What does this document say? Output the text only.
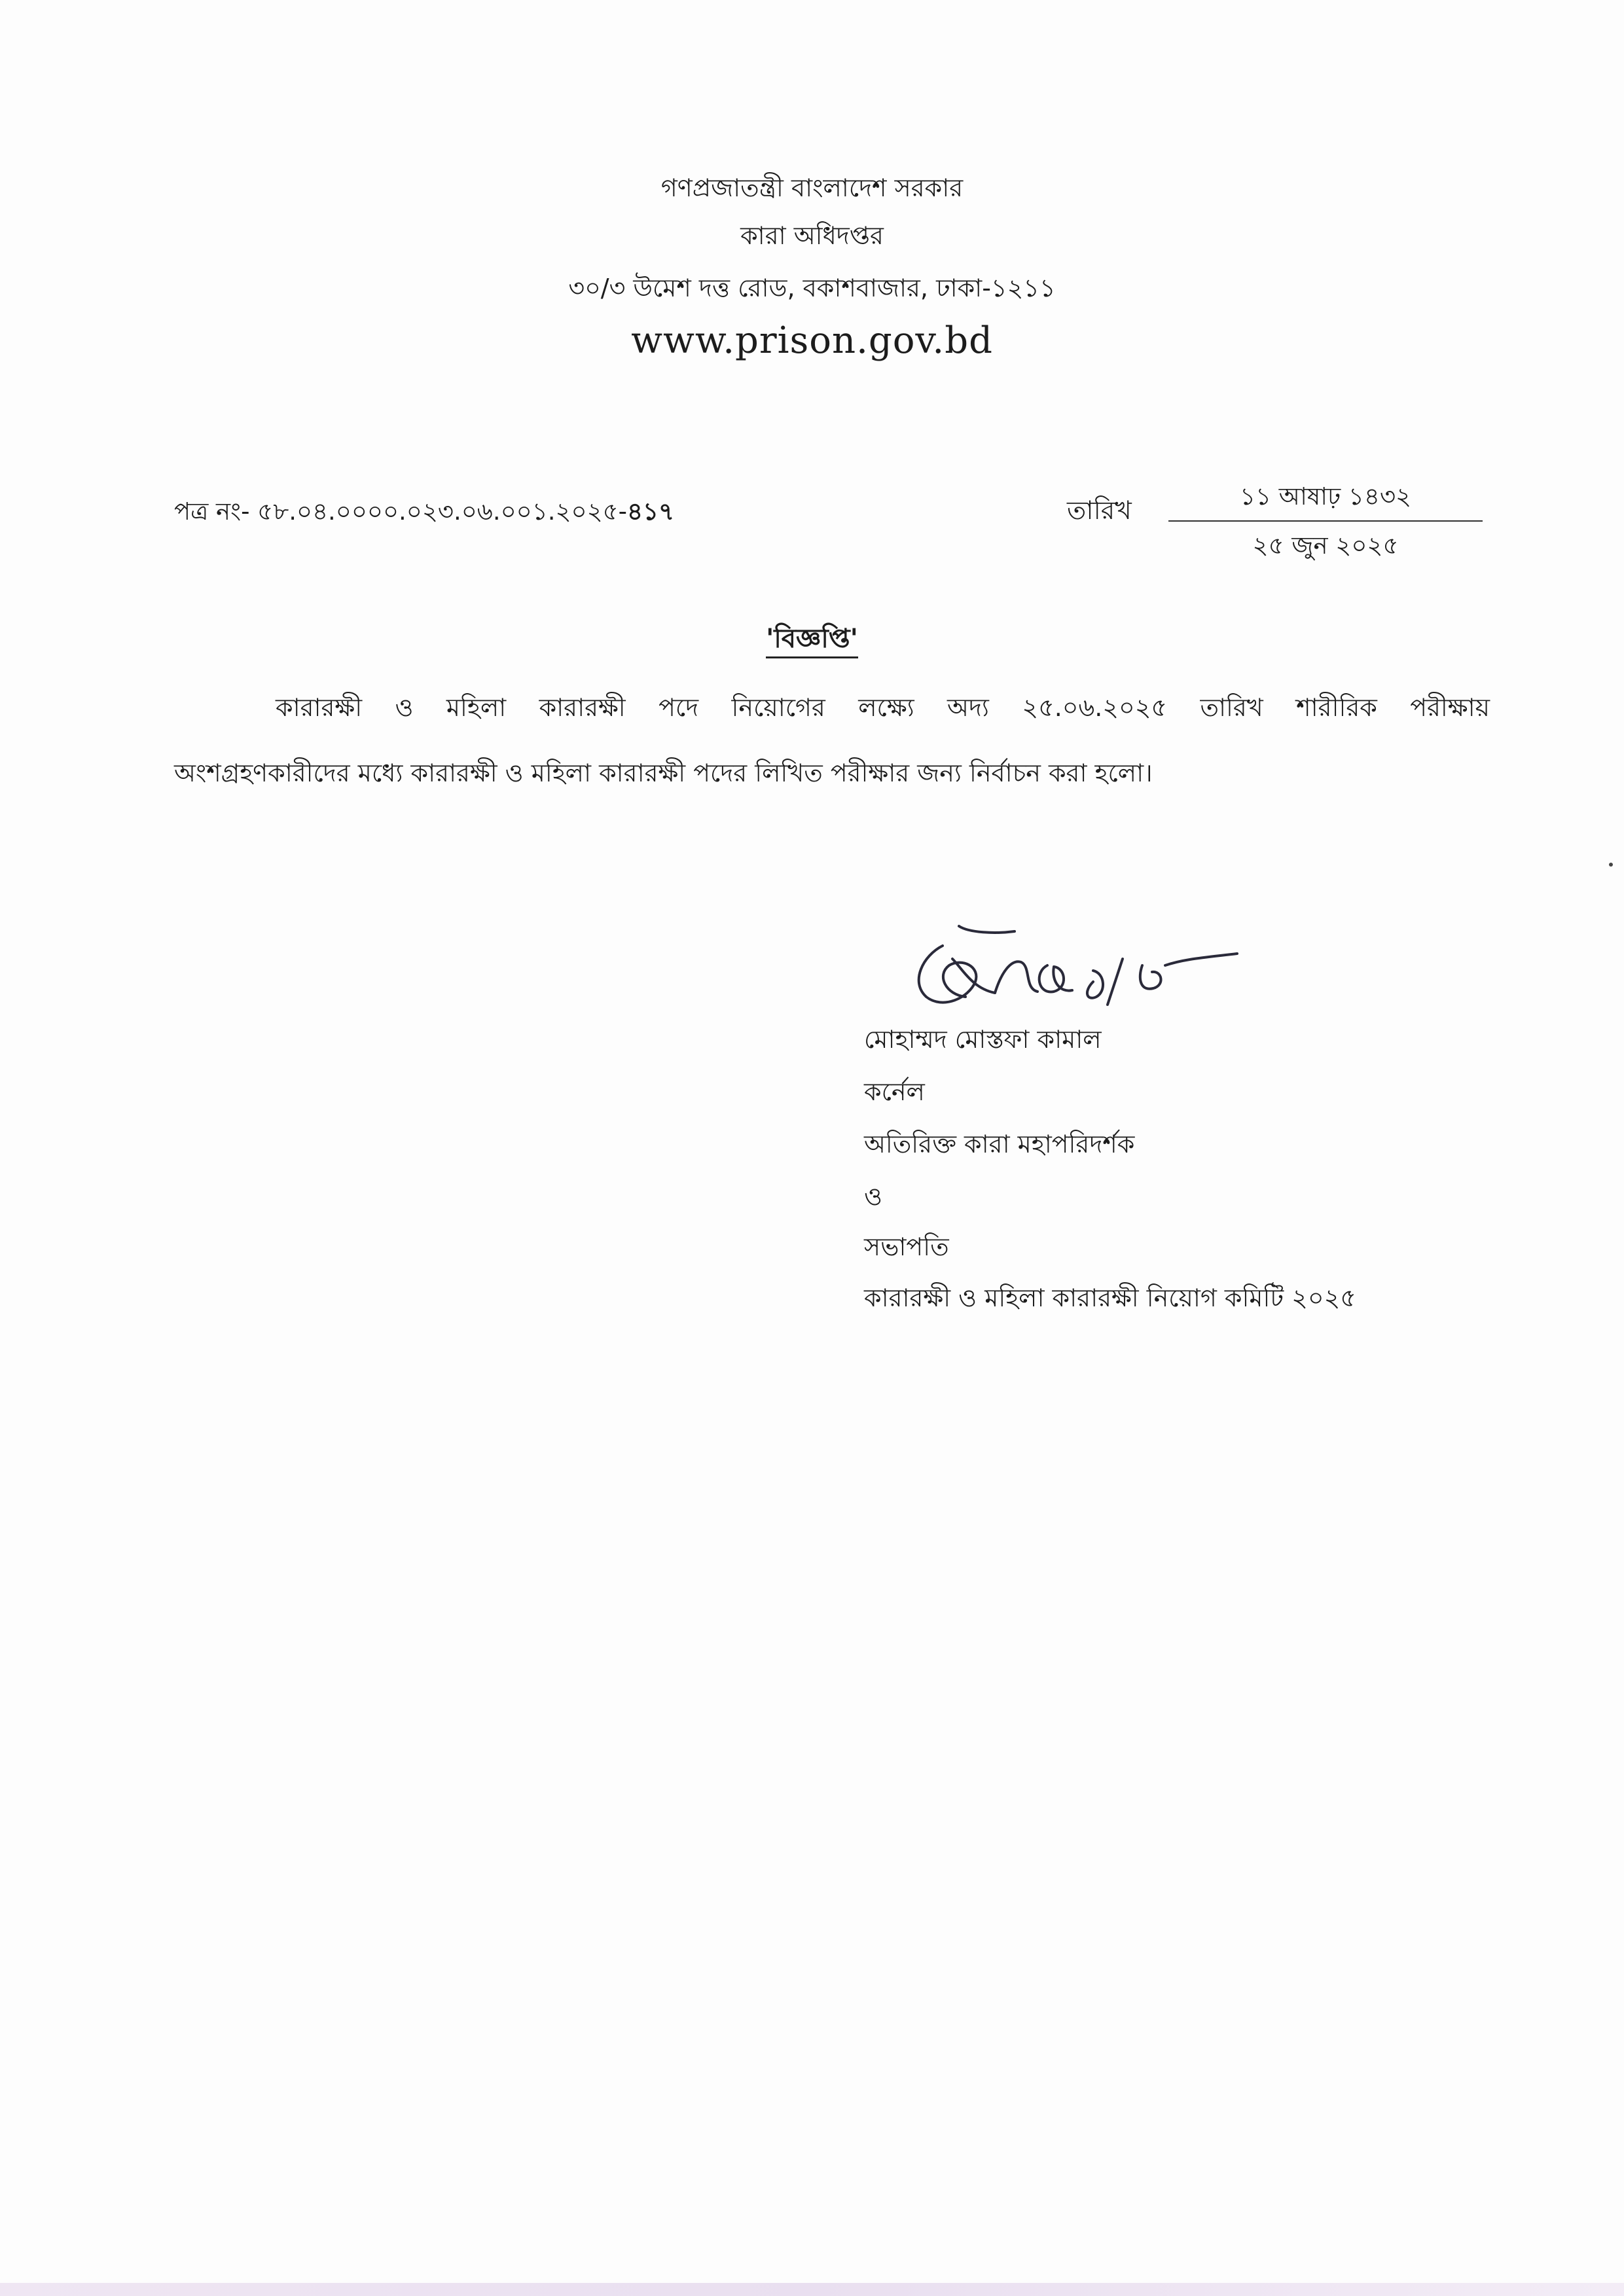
গণপ্রজাতন্ত্রী বাংলাদেশ সরকার
কারা অধিদপ্তর
৩০/৩ উমেশ দত্ত রোড, বকাশবাজার, ঢাকা-১২১১
www.prison.gov.bd
পত্র নং- ৫৮.০৪.০০০০.০২৩.০৬.০০১.২০২৫-৪১৭	তারিখ	১১ আষাঢ় ১৪৩২
২৫ জুন ২০২৫
'বিজ্ঞপ্তি'
কারারক্ষী ও মহিলা কারারক্ষী পদে নিয়োগের লক্ষ্যে অদ্য ২৫.০৬.২০২৫ তারিখ শারীরিক পরীক্ষায়
অংশগ্রহণকারীদের মধ্যে কারারক্ষী ও মহিলা কারারক্ষী পদের লিখিত পরীক্ষার জন্য নির্বাচন করা হলো।
মোহাম্মদ মোস্তফা কামাল
কর্নেল
অতিরিক্ত কারা মহাপরিদর্শক
ও
সভাপতি
কারারক্ষী ও মহিলা কারারক্ষী নিয়োগ কমিটি ২০২৫
